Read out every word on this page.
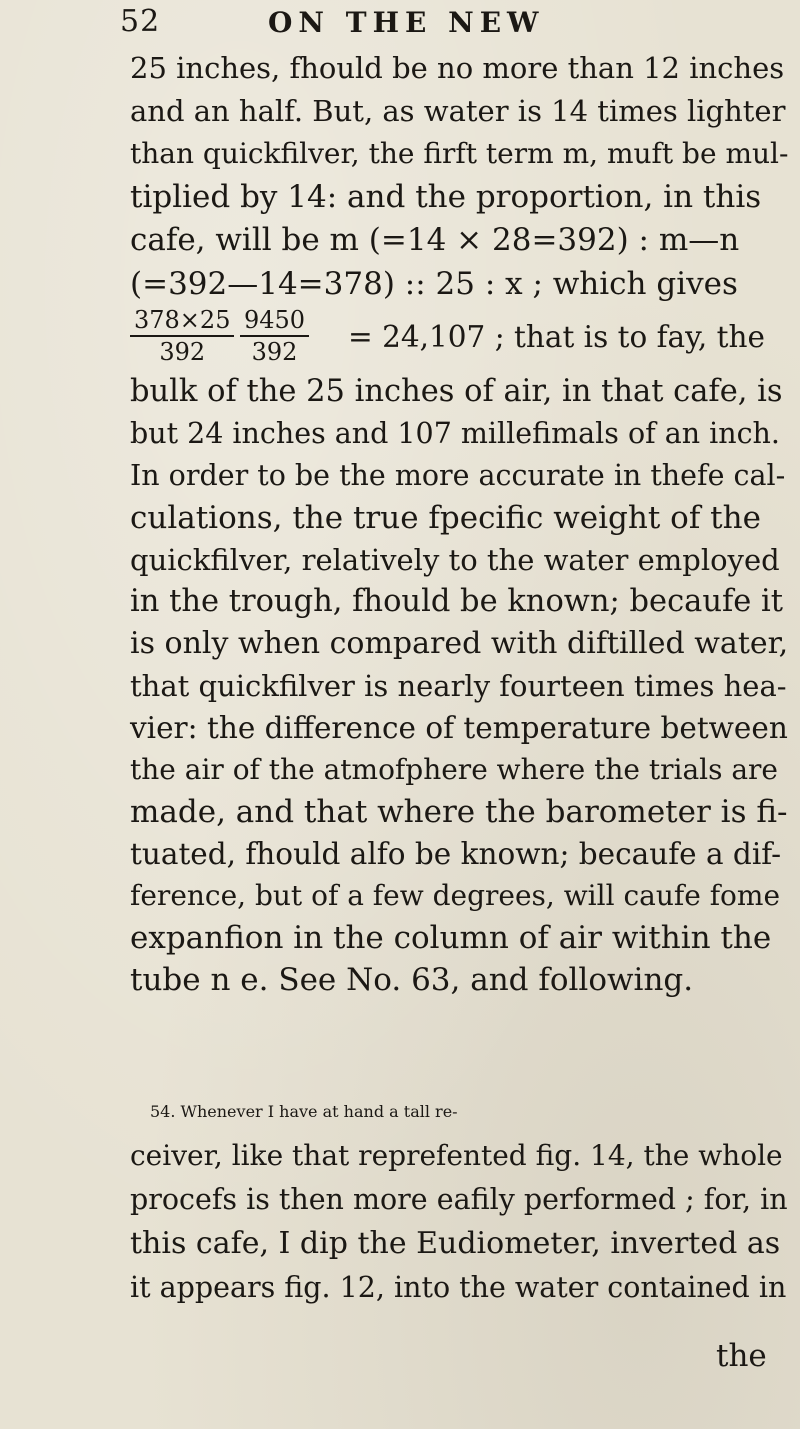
52	ON THE NEW
25 inches, fhould be no more than 12 inches
and an half. But, as water is 14 times lighter
than quickfilver, the firft term m, muft be mul-
tiplied by 14: and the proportion, in this
cafe, will be m (=14 × 28=392) : m—n
(=392—14=378) :: 25 : x ; which gives
$\frac{378\times 25}{392} \frac{9450}{392} = 24,107$ ; that is to fay, the
bulk of the 25 inches of air, in that cafe, is
but 24 inches and 107 millefimals of an inch.
In order to be the more accurate in thefe cal-
culations, the true fpecific weight of the
quickfilver, relatively to the water employed
in the trough, fhould be known; becaufe it
is only when compared with diftilled water,
that quickfilver is nearly fourteen times hea-
vier: the difference of temperature between
the air of the atmofphere where the trials are
made, and that where the barometer is fi-
tuated, fhould alfo be known; becaufe a dif-
ference, but of a few degrees, will caufe fome
expanfion in the column of air within the
tube n e. See No. 63, and following.
54. Whenever I have at hand a tall re-
ceiver, like that reprefented fig. 14, the whole
procefs is then more eafily performed ; for, in
this cafe, I dip the Eudiometer, inverted as
it appears fig. 12, into the water contained in
the
